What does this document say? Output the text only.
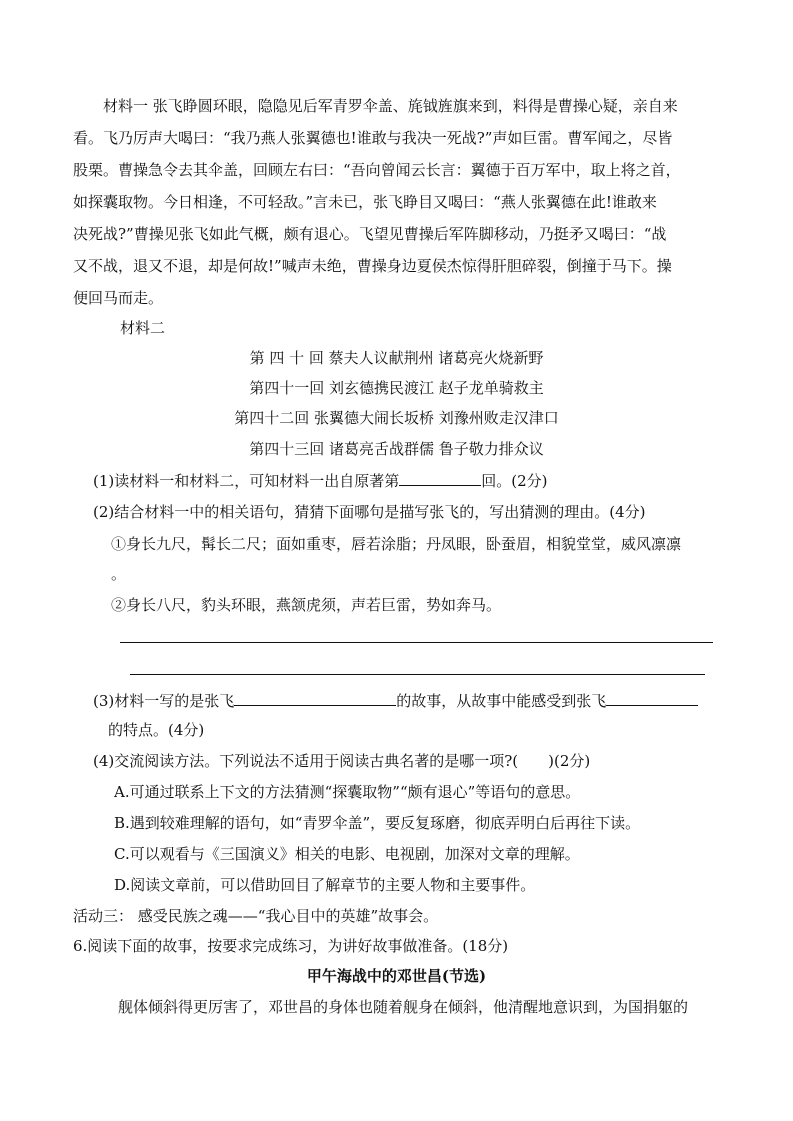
材料一 张飞睁圆环眼，隐隐见后军青罗伞盖、旄钺旌旗来到，料得是曹操心疑，亲自来
看。飞乃厉声大喝曰：“我乃燕人张翼德也!谁敢与我决一死战?”声如巨雷。曹军闻之，尽皆
股栗。曹操急令去其伞盖，回顾左右曰：“吾向曾闻云长言：翼德于百万军中，取上将之首，
如探囊取物。今日相逢，不可轻敌。”言未已，张飞睁目又喝曰：“燕人张翼德在此!谁敢来
决死战?”曹操见张飞如此气概，颇有退心。飞望见曹操后军阵脚移动，乃挺矛又喝曰：“战
又不战，退又不退，却是何故!”喊声未绝，曹操身边夏侯杰惊得肝胆碎裂，倒撞于马下。操
便回马而走。
材料二
第 四 十 回 蔡夫人议献荆州 诸葛亮火烧新野
第四十一回 刘玄德携民渡江 赵子龙单骑救主
第四十二回 张翼德大闹长坂桥 刘豫州败走汉津口
第四十三回 诸葛亮舌战群儒 鲁子敬力排众议
(1)读材料一和材料二，可知材料一出自原著第	回。(2分)
(2)结合材料一中的相关语句，猜猜下面哪句是描写张飞的，写出猜测的理由。(4分)
①身长九尺，髯长二尺；面如重枣，唇若涂脂；丹凤眼，卧蚕眉，相貌堂堂，威风凛凛
。
②身长八尺，豹头环眼，燕颔虎须，声若巨雷，势如奔马。
(3)材料一写的是张飞	的故事，从故事中能感受到张飞
的特点。(4分)
(4)交流阅读方法。下列说法不适用于阅读古典名著的是哪一项?(　　)(2分)
A.可通过联系上下文的方法猜测“探囊取物”“颇有退心”等语句的意思。
B.遇到较难理解的语句，如“青罗伞盖”，要反复琢磨，彻底弄明白后再往下读。
C.可以观看与《三国演义》相关的电影、电视剧，加深对文章的理解。
D.阅读文章前，可以借助回目了解章节的主要人物和主要事件。
活动三： 感受民族之魂——“我心目中的英雄”故事会。
6.阅读下面的故事，按要求完成练习，为讲好故事做准备。(18分)
甲午海战中的邓世昌(节选)
舰体倾斜得更厉害了，邓世昌的身体也随着舰身在倾斜，他清醒地意识到，为国捐躯的
